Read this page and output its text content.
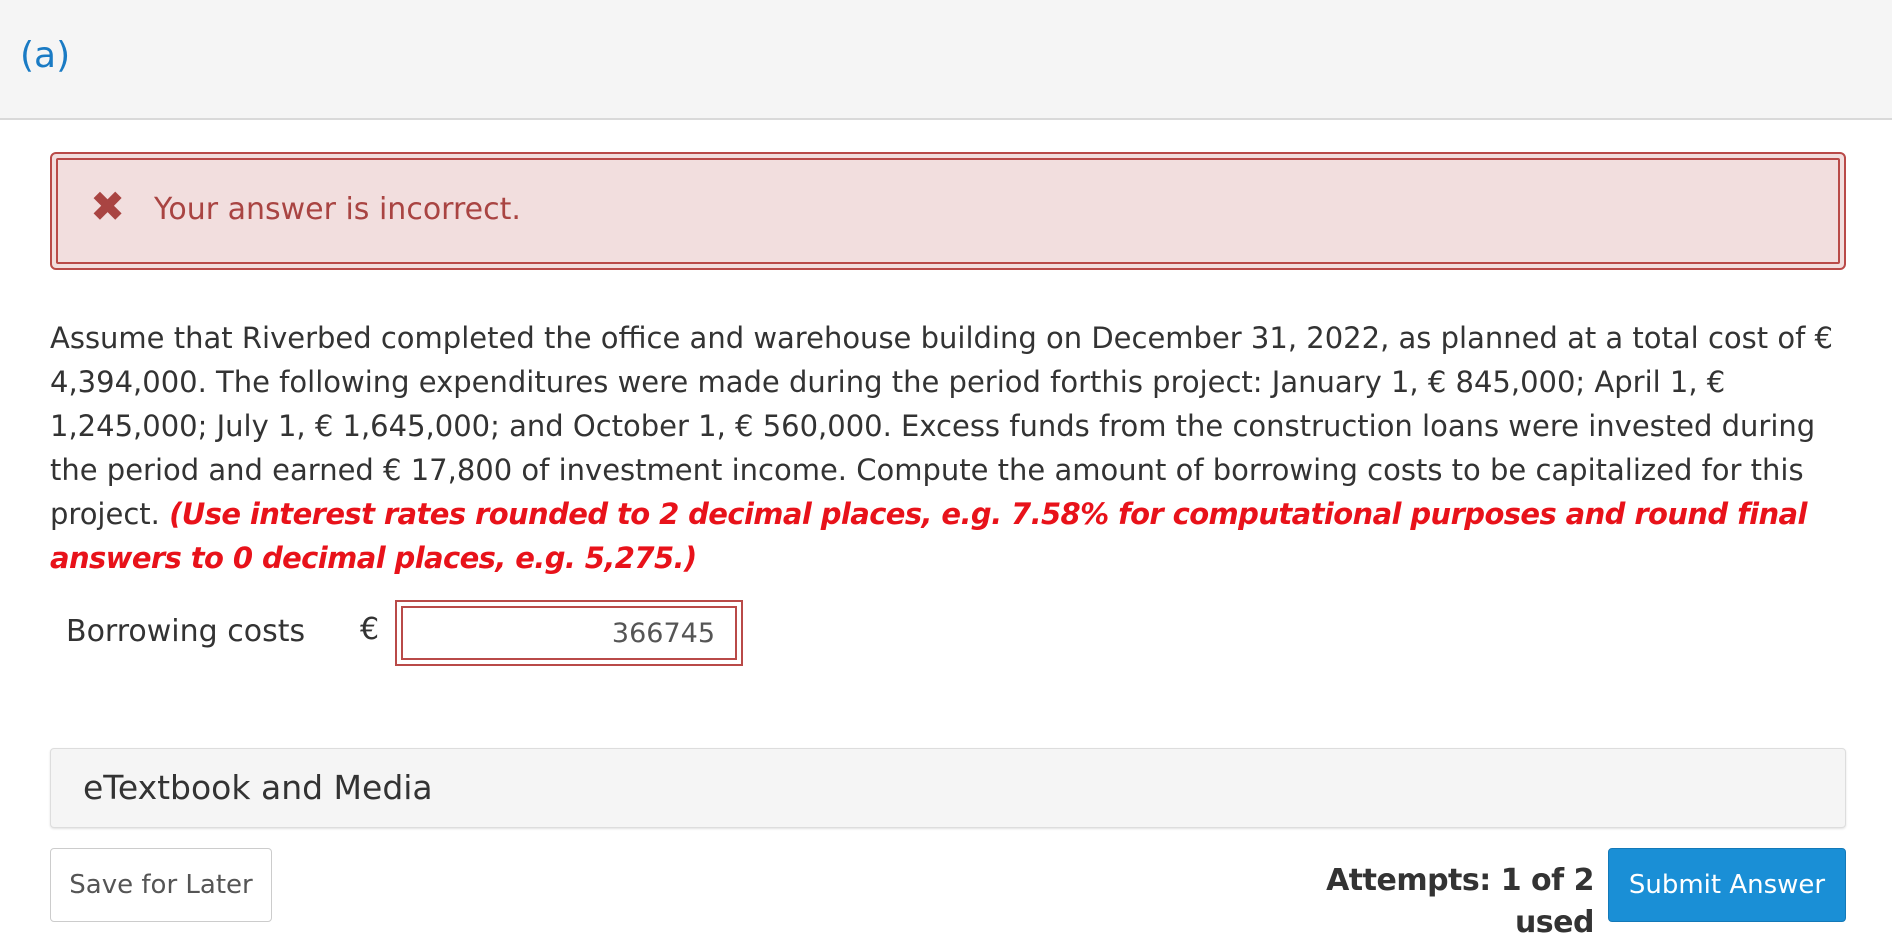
(a)
✖ Your answer is incorrect.
Assume that Riverbed completed the office and warehouse building on December 31, 2022, as planned at a total cost of € 4,394,000. The following expenditures were made during the period forthis project: January 1, € 845,000; April 1, € 1,245,000; July 1, € 1,645,000; and October 1, € 560,000. Excess funds from the construction loans were invested during the period and earned € 17,800 of investment income. Compute the amount of borrowing costs to be capitalized for this project. (Use interest rates rounded to 2 decimal places, e.g. 7.58% for computational purposes and round final answers to 0 decimal places, e.g. 5,275.)
Borrowing costs €
366745
eTextbook and Media
Save for Later	Attempts: 1 of 2 used
Submit Answer
